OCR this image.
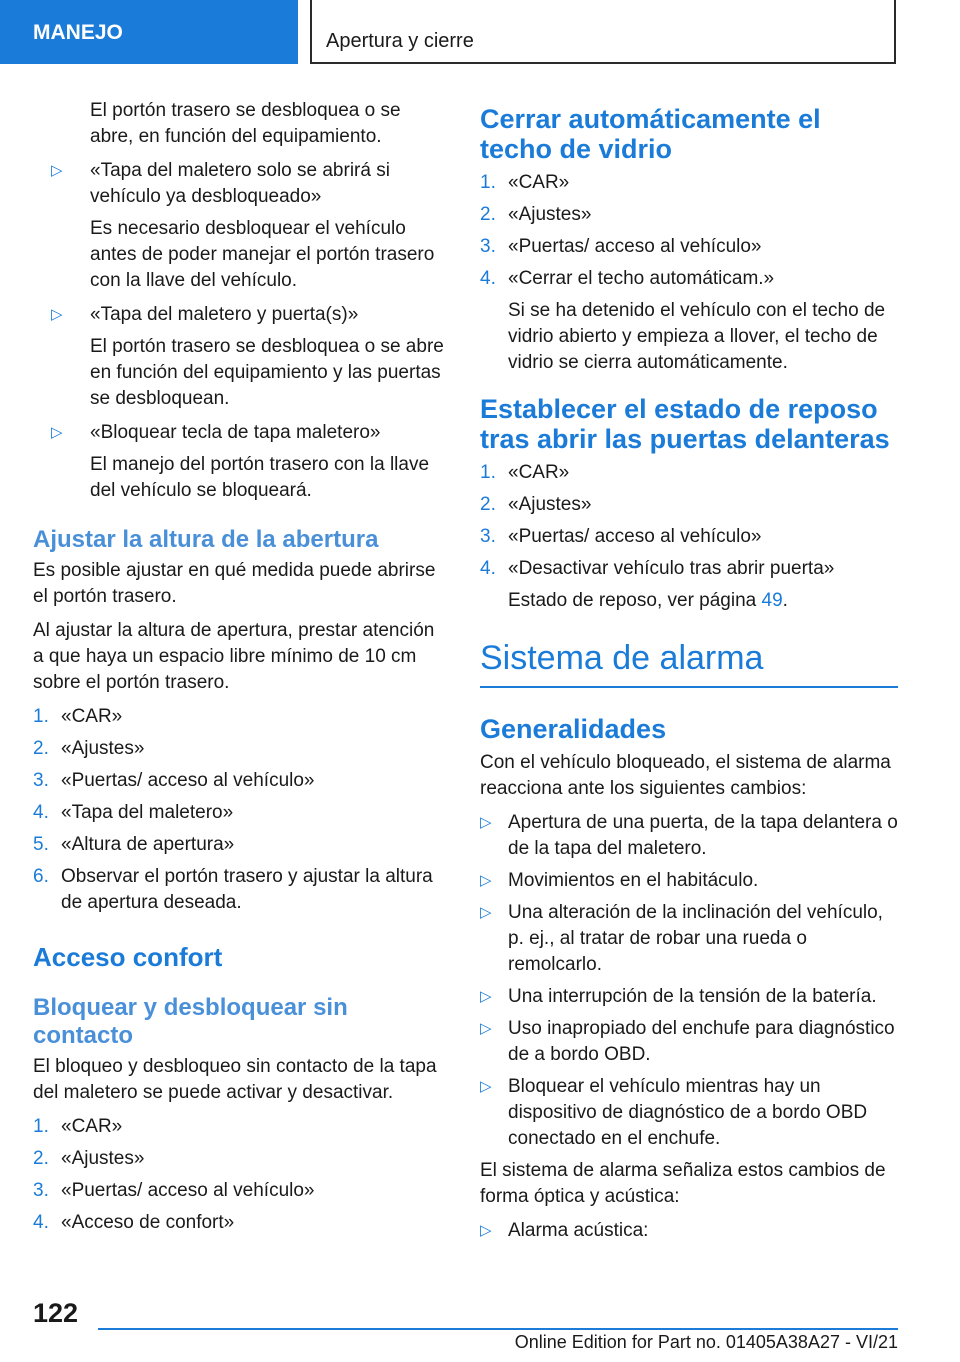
MANEJO	Apertura y cierre

El portón trasero se desbloquea o se abre, en función del equipamiento.

▷ «Tapa del maletero solo se abrirá si vehículo ya desbloqueado»

Es necesario desbloquear el vehículo antes de poder manejar el portón trasero con la llave del vehículo.

▷ «Tapa del maletero y puerta(s)»

El portón trasero se desbloquea o se abre en función del equipamiento y las puertas se desbloquean.

▷ «Bloquear tecla de tapa maletero»

El manejo del portón trasero con la llave del vehículo se bloqueará.

Ajustar la altura de la abertura

Es posible ajustar en qué medida puede abrirse el portón trasero.

Al ajustar la altura de apertura, prestar atención a que haya un espacio libre mínimo de 10 cm sobre el portón trasero.

1. «CAR»
2. «Ajustes»
3. «Puertas/ acceso al vehículo»
4. «Tapa del maletero»
5. «Altura de apertura»
6. Observar el portón trasero y ajustar la altura de apertura deseada.
Acceso confort
Bloquear y desbloquear sin contacto

El bloqueo y desbloqueo sin contacto de la tapa del maletero se puede activar y desactivar.

1. «CAR»
2. «Ajustes»
3. «Puertas/ acceso al vehículo»
4. «Acceso de confort»
Cerrar automáticamente el techo de vidrio
1. «CAR»
2. «Ajustes»
3. «Puertas/ acceso al vehículo»
4. «Cerrar el techo automáticam.»

Si se ha detenido el vehículo con el techo de vidrio abierto y empieza a llover, el techo de vidrio se cierra automáticamente.

Establecer el estado de reposo tras abrir las puertas delanteras
1. «CAR»
2. «Ajustes»
3. «Puertas/ acceso al vehículo»
4. «Desactivar vehículo tras abrir puerta»

Estado de reposo, ver página 49.

Sistema de alarma
Generalidades

Con el vehículo bloqueado, el sistema de alarma reacciona ante los siguientes cambios:

▷ Apertura de una puerta, de la tapa delantera o de la tapa del maletero.
▷ Movimientos en el habitáculo.
▷ Una alteración de la inclinación del vehículo, p. ej., al tratar de robar una rueda o remolcarlo.
▷ Una interrupción de la tensión de la batería.
▷ Uso inapropiado del enchufe para diagnóstico de a bordo OBD.
▷ Bloquear el vehículo mientras hay un dispositivo de diagnóstico de a bordo OBD conectado en el enchufe.

El sistema de alarma señaliza estos cambios de forma óptica y acústica:

▷ Alarma acústica:
122
Online Edition for Part no. 01405A38A27 - VI/21
